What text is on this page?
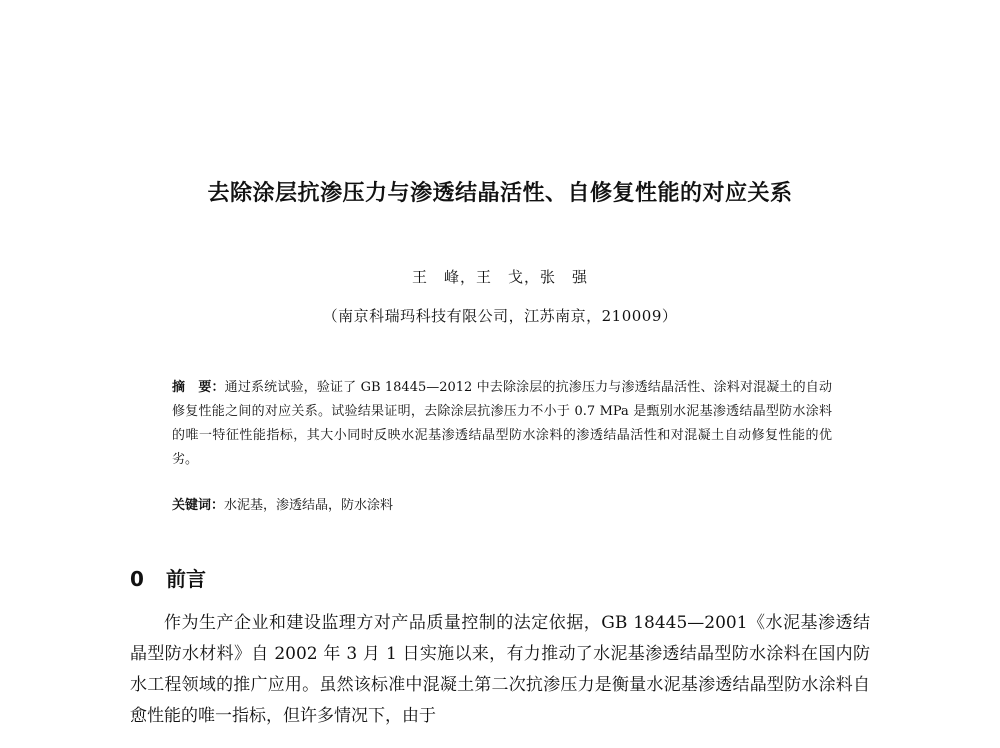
去除涂层抗渗压力与渗透结晶活性、自修复性能的对应关系
王　峰，王　戈，张　强
（南京科瑞玛科技有限公司，江苏南京，210009）
摘　要：通过系统试验，验证了 GB 18445—2012 中去除涂层的抗渗压力与渗透结晶活性、涂料对混凝土的自动修复性能之间的对应关系。试验结果证明，去除涂层抗渗压力不小于 0.7 MPa 是甄别水泥基渗透结晶型防水涂料的唯一特征性能指标，其大小同时反映水泥基渗透结晶型防水涂料的渗透结晶活性和对混凝土自动修复性能的优劣。
关键词：水泥基，渗透结晶，防水涂料
0 前言
作为生产企业和建设监理方对产品质量控制的法定依据，GB 18445—2001《水泥基渗透结晶型防水材料》自 2002 年 3 月 1 日实施以来，有力推动了水泥基渗透结晶型防水涂料在国内防水工程领域的推广应用。虽然该标准中混凝土第二次抗渗压力是衡量水泥基渗透结晶型防水涂料自愈性能的唯一指标，但许多情况下，由于
